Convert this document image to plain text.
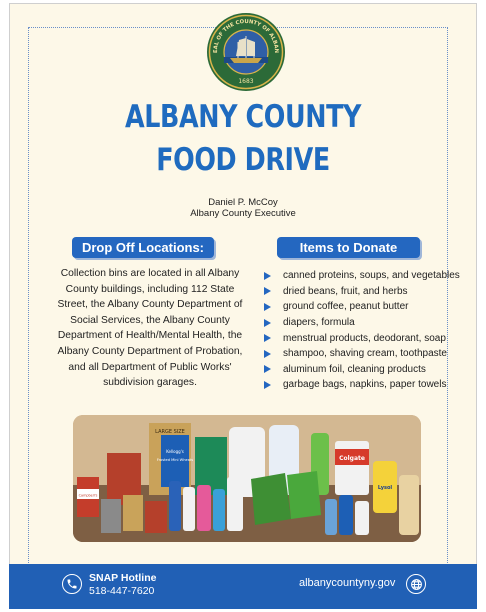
EAL OF THE COUNTY OF ALBAN
1683
ALBANY COUNTY
FOOD DRIVE
Daniel P. McCoy
Albany County Executive
Drop Off Locations:	Items to Donate
Collection bins are located in all Albany County buildings, including 112 State Street, the Albany County Department of Social Services, the Albany County Department of Health/Mental Health, the Albany County Department of Probation, and all Department of Public Works' subdivision garages.
canned proteins, soups, and vegetables
dried beans, fruit, and herbs
ground coffee, peanut butter
diapers, formula
menstrual products, deodorant, soap
shampoo, shaving cream, toothpaste
aluminum foil, cleaning products
garbage bags, napkins, paper towels
LARGE SIZE
Kellogg's
Frosted Mini Wheats	Colgate
Lysol
Campbell's
SNAP Hotline
518-447-7620
albanycountyny.gov
